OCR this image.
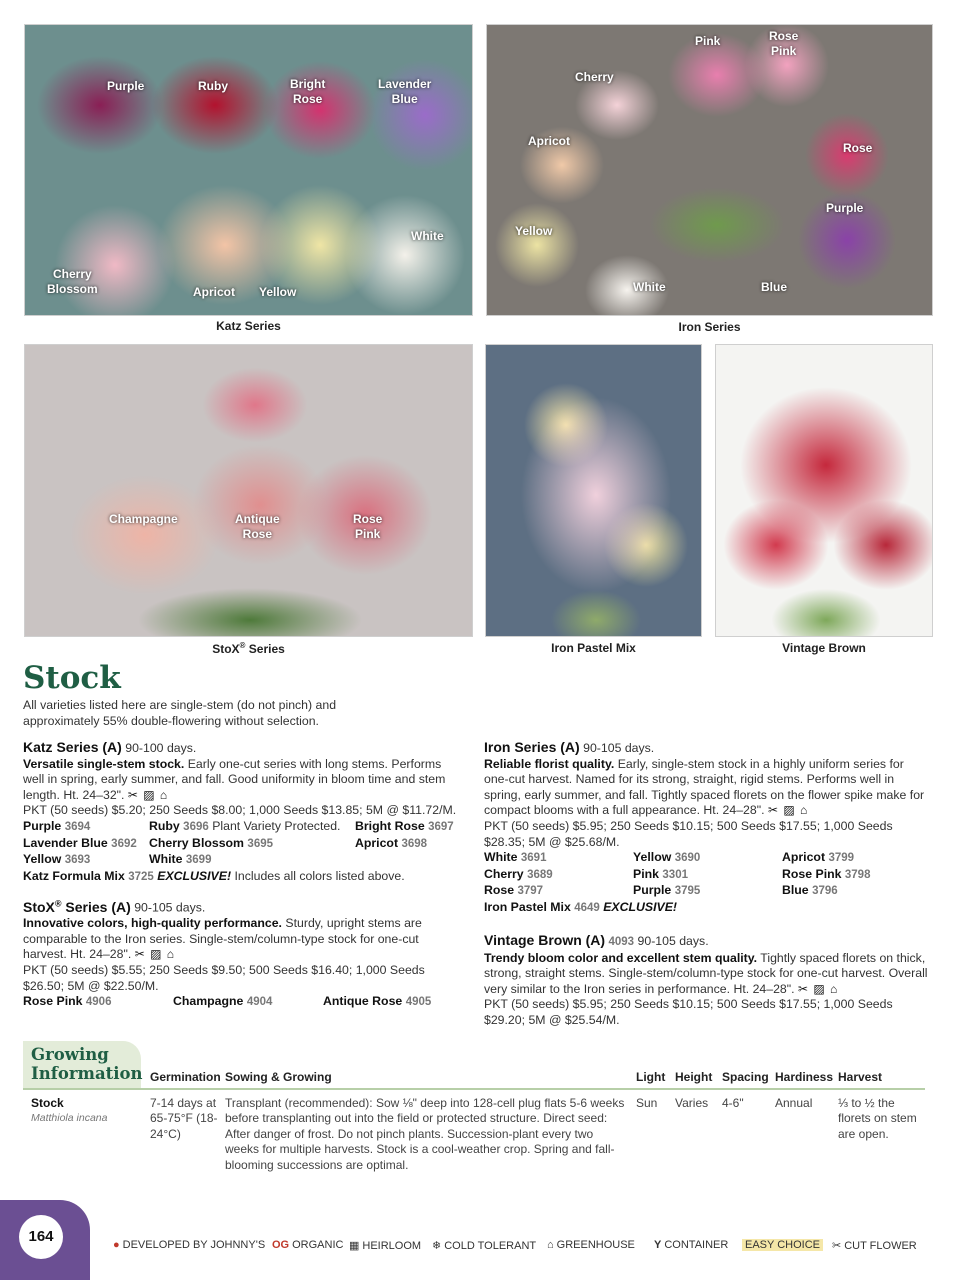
Purple	Ruby	Bright
Rose
Lavender
Blue
White
Cherry
Blossom	Apricot Yellow
Katz Series
Pink	Rose
Pink
Cherry
Apricot	Rose
Purple
Yellow
White	Blue
Iron Series
Champagne	Antique
Rose
Rose
Pink
StoX® Series	Iron Pastel Mix	Vintage Brown
Stock
All varieties listed here are single-stem (do not pinch) and approximately 55% double-flowering without selection.
Katz Series (A) 90-100 days.
Versatile single-stem stock. Early one-cut series with long stems. Performs well in spring, early summer, and fall. Good uniformity in bloom time and stem length. Ht. 24–32". ✂ ▨ ⌂
PKT (50 seeds) $5.20; 250 Seeds $8.00; 1,000 Seeds $13.85; 5M @ $11.72/M.
Purple 3694	Ruby 3696 Plant Variety Protected.	Bright Rose 3697
Lavender Blue 3692 Cherry Blossom 3695	Apricot 3698
Yellow 3693	White 3699
Katz Formula Mix 3725 EXCLUSIVE! Includes all colors listed above.
StoX® Series (A) 90-105 days.
Innovative colors, high-quality performance. Sturdy, upright stems are comparable to the Iron series. Single-stem/column-type stock for one-cut harvest. Ht. 24–28". ✂ ▨ ⌂
PKT (50 seeds) $5.55; 250 Seeds $9.50; 500 Seeds $16.40; 1,000 Seeds $26.50; 5M @ $22.50/M.
Rose Pink 4906	Champagne 4904	Antique Rose 4905
Iron Series (A) 90-105 days.
Reliable florist quality. Early, single-stem stock in a highly uniform series for one-cut harvest. Named for its strong, straight, rigid stems. Performs well in spring, early summer, and fall. Tightly spaced florets on the flower spike make for compact blooms with a full appearance. Ht. 24–28". ✂ ▨ ⌂
PKT (50 seeds) $5.95; 250 Seeds $10.15; 500 Seeds $17.55; 1,000 Seeds $28.35; 5M @ $25.68/M.
White 3691	Yellow 3690	Apricot 3799
Cherry 3689	Pink 3301	Rose Pink 3798
Rose 3797	Purple 3795	Blue 3796
Iron Pastel Mix 4649 EXCLUSIVE!
Vintage Brown (A) 4093 90-105 days.
Trendy bloom color and excellent stem quality. Tightly spaced florets on thick, strong, straight stems. Single-stem/column-type stock for one-cut harvest. Overall very similar to the Iron series in performance. Ht. 24–28". ✂ ▨ ⌂
PKT (50 seeds) $5.95; 250 Seeds $10.15; 500 Seeds $17.55; 1,000 Seeds $29.20; 5M @ $25.54/M.
Growing
Information Germination Sowing & Growing	Light Height Spacing Hardiness Harvest
Stock
Matthiola incana
7-14 days at 65-75°F (18-24°C)
Transplant (recommended): Sow ⅛" deep into 128-cell plug flats 5-6 weeks before transplanting out into the field or protected structure. Direct seed: After danger of frost. Do not pinch plants. Succession-plant every two weeks for multiple harvests. Stock is a cool-weather crop. Spring and fall-blooming successions are optimal.
Sun Varies 4-6"	Annual ⅓ to ½ the florets on stem are open.
164	● DEVELOPED BY JOHNNY'S OG ORGANIC ▦ HEIRLOOM ❄ COLD TOLERANT ⌂ GREENHOUSE Y CONTAINER EASY CHOICE ✂ CUT FLOWER
